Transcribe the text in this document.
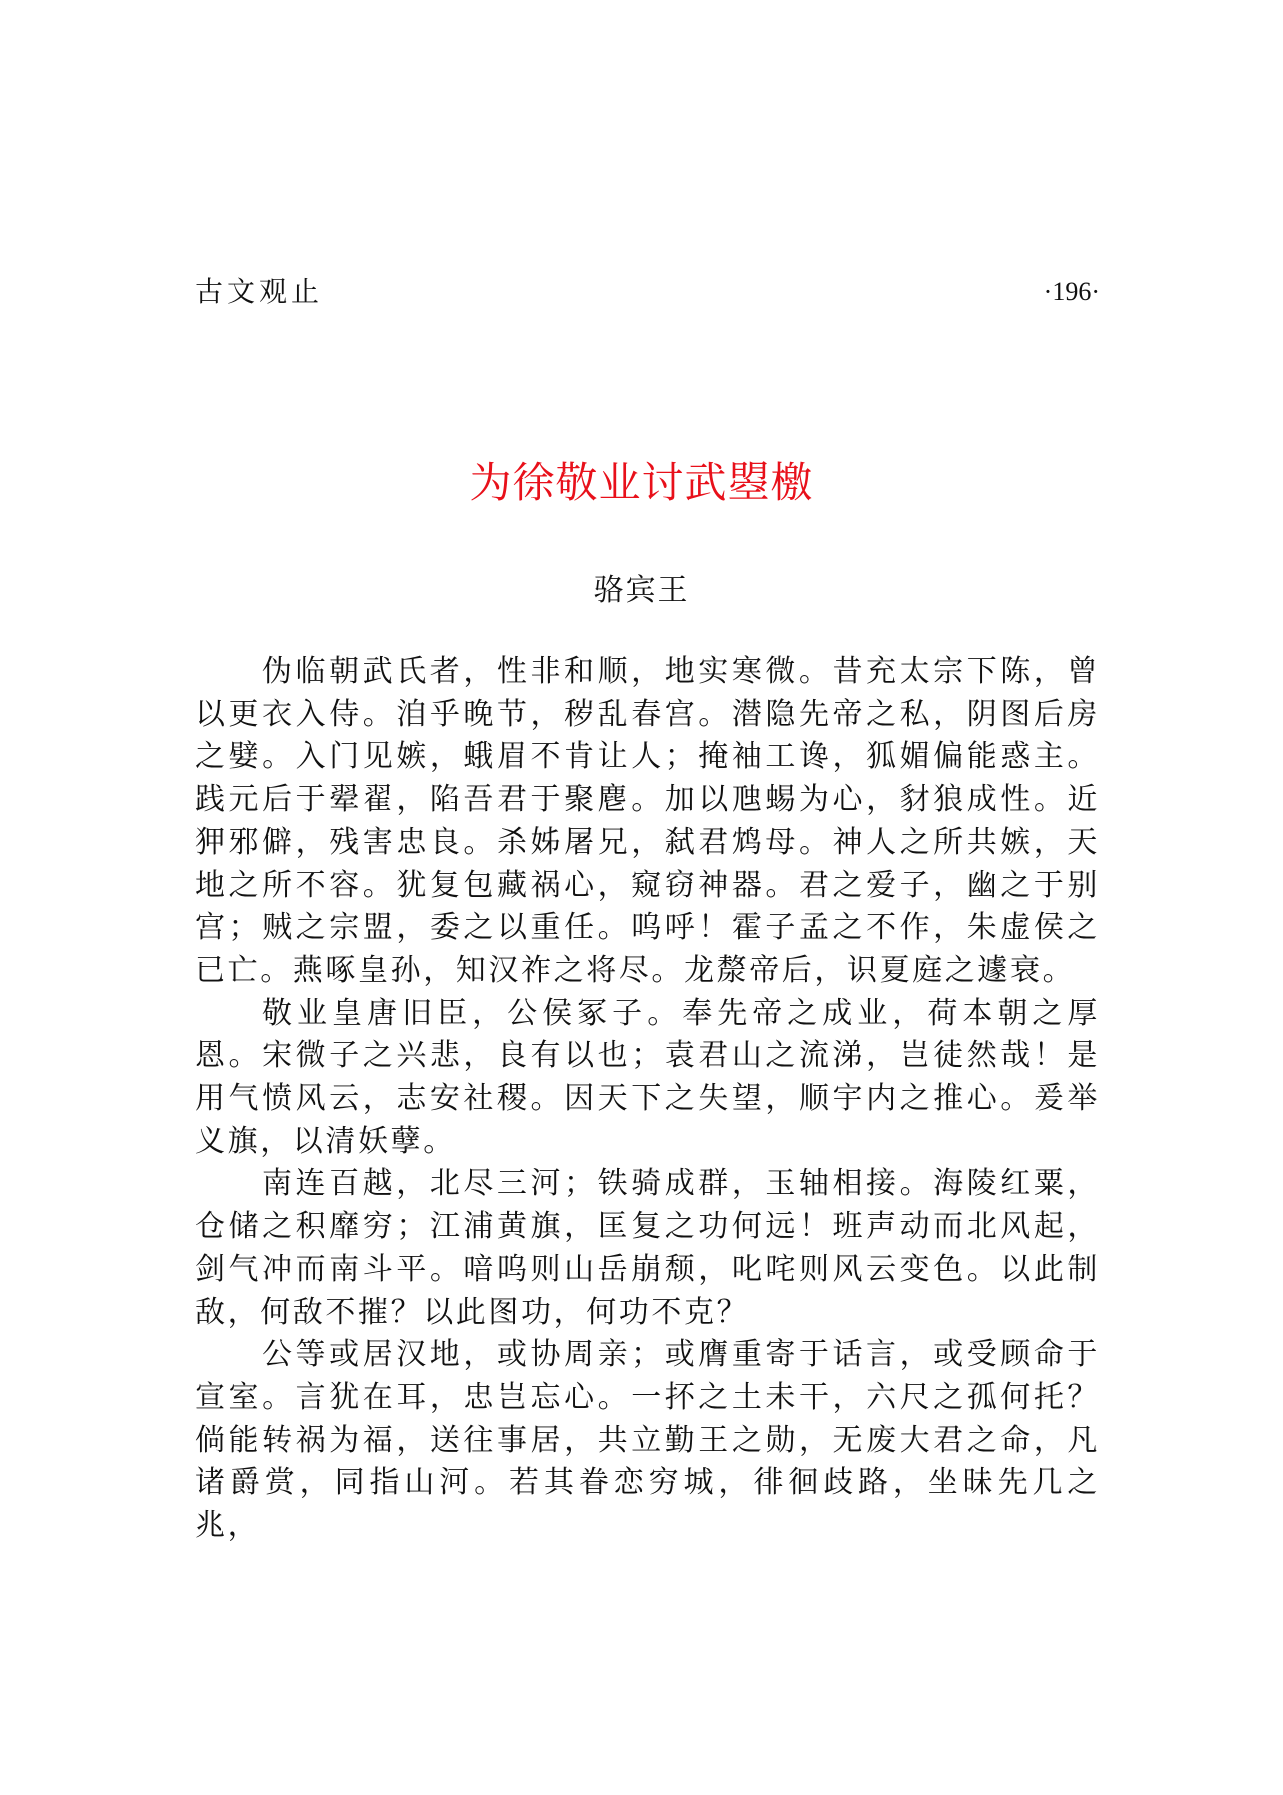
古文观止	·196·
为徐敬业讨武曌檄
骆宾王

伪临朝武氏者，性非和顺，地实寒微。昔充太宗下陈，曾以更衣入侍。洎乎晚节，秽乱春宫。潜隐先帝之私，阴图后房之嬖。入门见嫉，蛾眉不肯让人；掩袖工谗，狐媚偏能惑主。践元后于翚翟，陷吾君于聚麀。加以虺蜴为心，豺狼成性。近狎邪僻，残害忠良。杀姊屠兄，弑君鸩母。神人之所共嫉，天地之所不容。犹复包藏祸心，窥窃神器。君之爱子，幽之于别宫；贼之宗盟，委之以重任。呜呼！霍子孟之不作，朱虚侯之已亡。燕啄皇孙，知汉祚之将尽。龙漦帝后，识夏庭之遽衰。

敬业皇唐旧臣，公侯冢子。奉先帝之成业，荷本朝之厚恩。宋微子之兴悲，良有以也；袁君山之流涕，岂徒然哉！是用气愤风云，志安社稷。因天下之失望，顺宇内之推心。爰举义旗，以清妖孽。

南连百越，北尽三河；铁骑成群，玉轴相接。海陵红粟，仓储之积靡穷；江浦黄旗，匡复之功何远！班声动而北风起，剑气冲而南斗平。喑呜则山岳崩颓，叱咤则风云变色。以此制敌，何敌不摧？以此图功，何功不克？

公等或居汉地，或协周亲；或膺重寄于话言，或受顾命于宣室。言犹在耳，忠岂忘心。一抔之土未干，六尺之孤何托？倘能转祸为福，送往事居，共立勤王之勋，无废大君之命，凡诸爵赏，同指山河。若其眷恋穷城，徘徊歧路，坐昧先几之兆，
